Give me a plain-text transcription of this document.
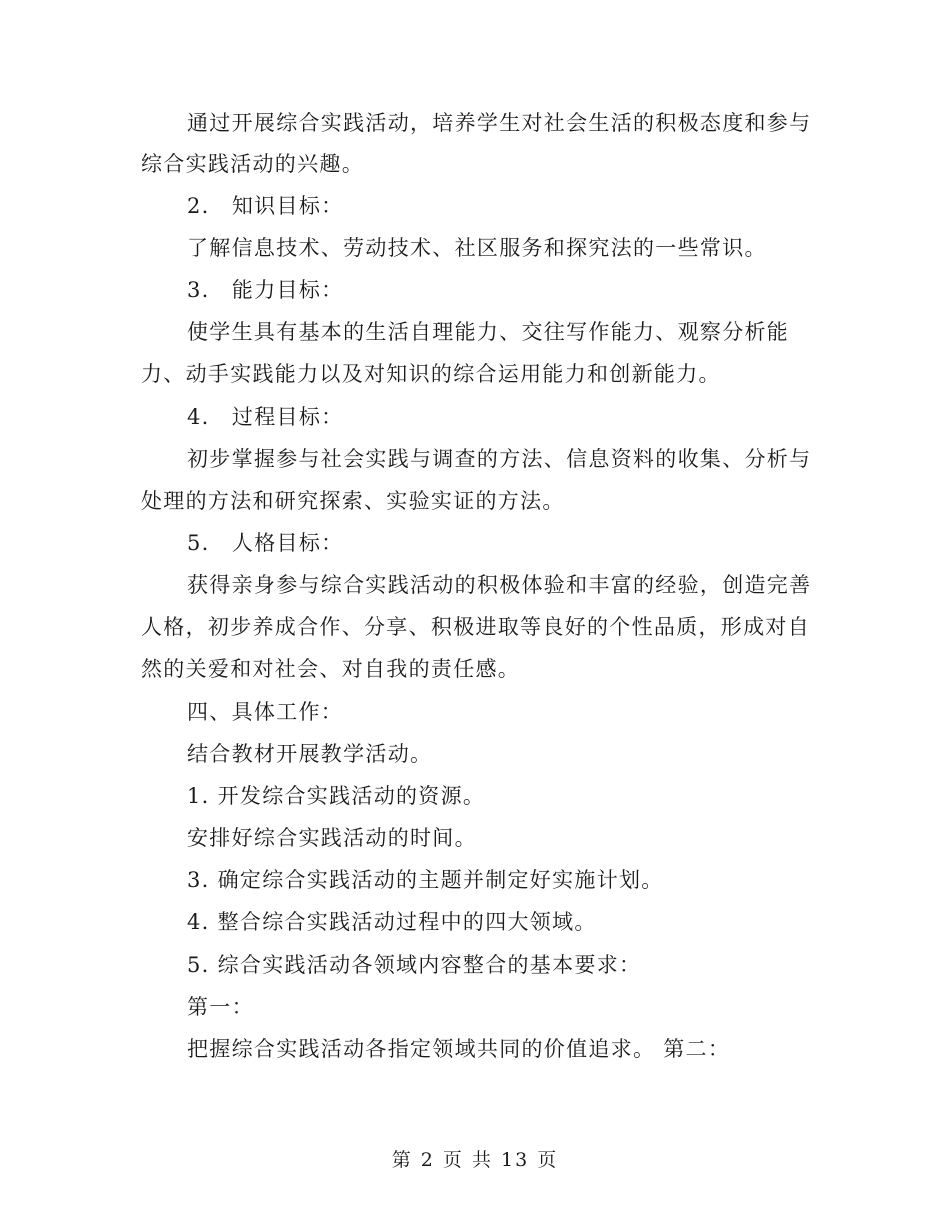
通过开展综合实践活动，培养学生对社会生活的积极态度和参与
综合实践活动的兴趣。
2.　知识目标：
了解信息技术、劳动技术、社区服务和探究法的一些常识。
3.　能力目标：
使学生具有基本的生活自理能力、交往写作能力、观察分析能
力、动手实践能力以及对知识的综合运用能力和创新能力。
4.　过程目标：
初步掌握参与社会实践与调查的方法、信息资料的收集、分析与
处理的方法和研究探索、实验实证的方法。
5.　人格目标：
获得亲身参与综合实践活动的积极体验和丰富的经验，创造完善
人格，初步养成合作、分享、积极进取等良好的个性品质，形成对自
然的关爱和对社会、对自我的责任感。
四、具体工作：
结合教材开展教学活动。
1. 开发综合实践活动的资源。
安排好综合实践活动的时间。
3. 确定综合实践活动的主题并制定好实施计划。
4. 整合综合实践活动过程中的四大领域。
5. 综合实践活动各领域内容整合的基本要求：
第一：
把握综合实践活动各指定领域共同的价值追求。 第二：
第 2 页 共 13 页
